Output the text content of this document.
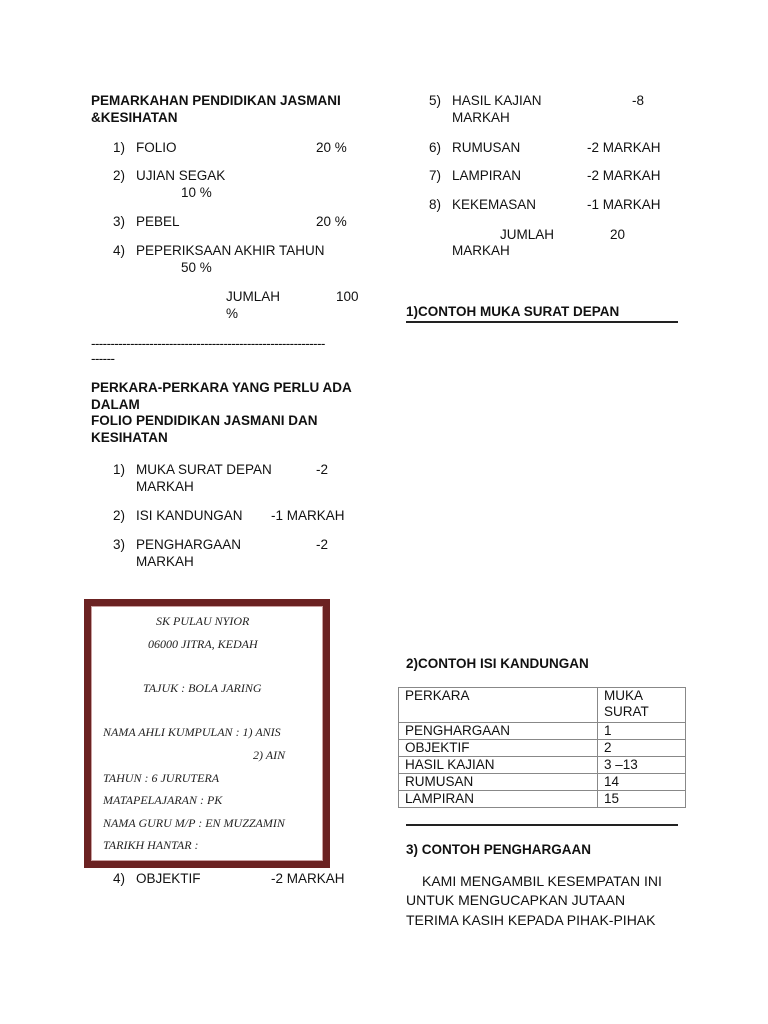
PEMARKAHAN PENDIDIKAN JASMANI
&KESIHATAN
1) FOLIO	20 %
2) UJIAN SEGAK
10 %
3) PEBEL	20 %
4) PEPERIKSAAN AKHIR TAHUN
50 %
JUMLAH	100
%
------------------------------------------------------------
------
PERKARA-PERKARA YANG PERLU ADA
DALAM
FOLIO PENDIDIKAN JASMANI DAN
KESIHATAN
1) MUKA SURAT DEPAN	-2
MARKAH
2) ISI KANDUNGAN -1 MARKAH
3) PENGHARGAAN	-2
MARKAH
SK PULAU NYIOR
06000 JITRA, KEDAH
TAJUK : BOLA JARING
NAMA AHLI KUMPULAN : 1) ANIS
2) AIN
TAHUN : 6 JURUTERA
MATAPELAJARAN : PK
NAMA GURU M/P : EN MUZZAMIN
TARIKH HANTAR :
4) OBJEKTIF	-2 MARKAH
5) HASIL KAJIAN	-8
MARKAH
6) RUMUSAN	-2 MARKAH
7) LAMPIRAN	-2 MARKAH
8) KEKEMASAN	-1 MARKAH
JUMLAH	20
MARKAH
1)CONTOH MUKA SURAT DEPAN
2)CONTOH ISI KANDUNGAN
PERKARA	MUKA SURAT
PENGHARGAAN	1
OBJEKTIF	2
HASIL KAJIAN	3 –13
RUMUSAN	14
LAMPIRAN	15
3) CONTOH PENGHARGAAN
KAMI MENGAMBIL KESEMPATAN INI
UNTUK MENGUCAPKAN JUTAAN
TERIMA KASIH KEPADA PIHAK-PIHAK
